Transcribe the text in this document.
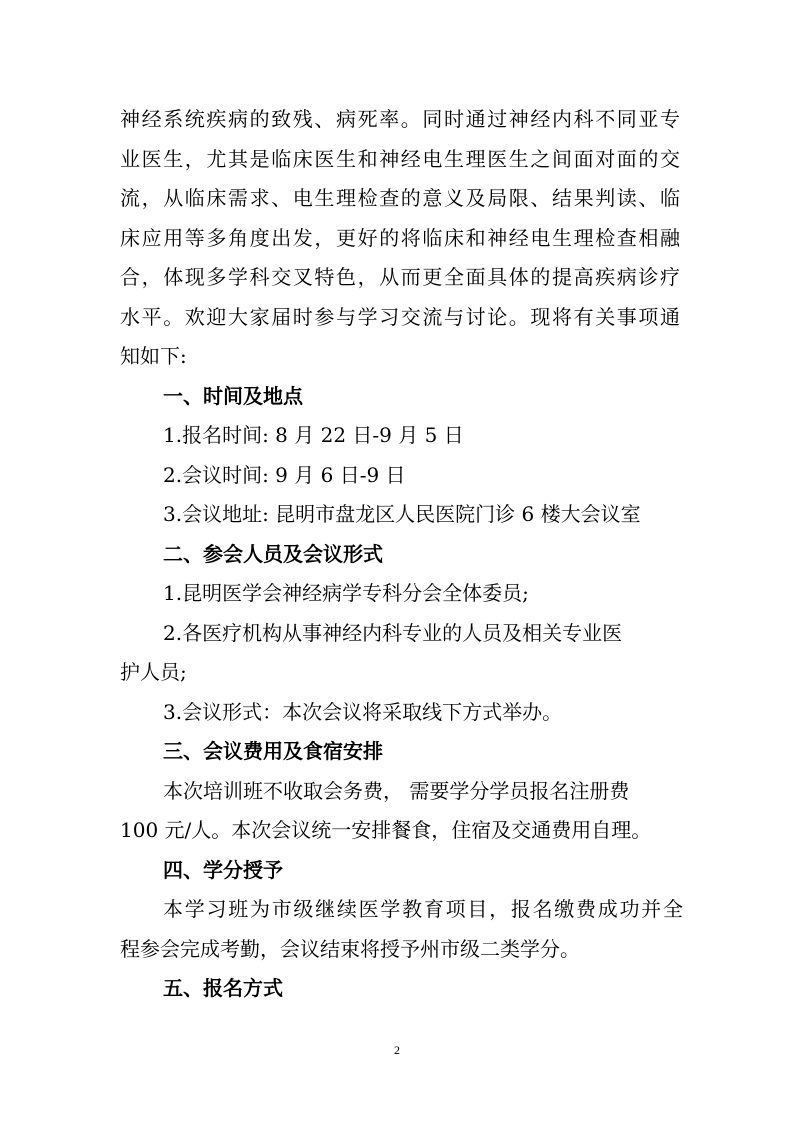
神经系统疾病的致残、病死率。同时通过神经内科不同亚专
业医生，尤其是临床医生和神经电生理医生之间面对面的交
流，从临床需求、电生理检查的意义及局限、结果判读、临
床应用等多角度出发，更好的将临床和神经电生理检查相融
合，体现多学科交叉特色，从而更全面具体的提高疾病诊疗
水平。欢迎大家届时参与学习交流与讨论。现将有关事项通
知如下:
一、时间及地点
1.报名时间: 8 月 22 日-9 月 5 日
2.会议时间: 9 月 6 日-9 日
3.会议地址: 昆明市盘龙区人民医院门诊 6 楼大会议室
二、参会人员及会议形式
1.昆明医学会神经病学专科分会全体委员;
2.各医疗机构从事神经内科专业的人员及相关专业医
护人员;
3.会议形式：本次会议将采取线下方式举办。
三、会议费用及食宿安排
本次培训班不收取会务费， 需要学分学员报名注册费
100 元/人。本次会议统一安排餐食，住宿及交通费用自理。
四、学分授予
本学习班为市级继续医学教育项目，报名缴费成功并全
程参会完成考勤，会议结束将授予州市级二类学分。
五、报名方式
2
